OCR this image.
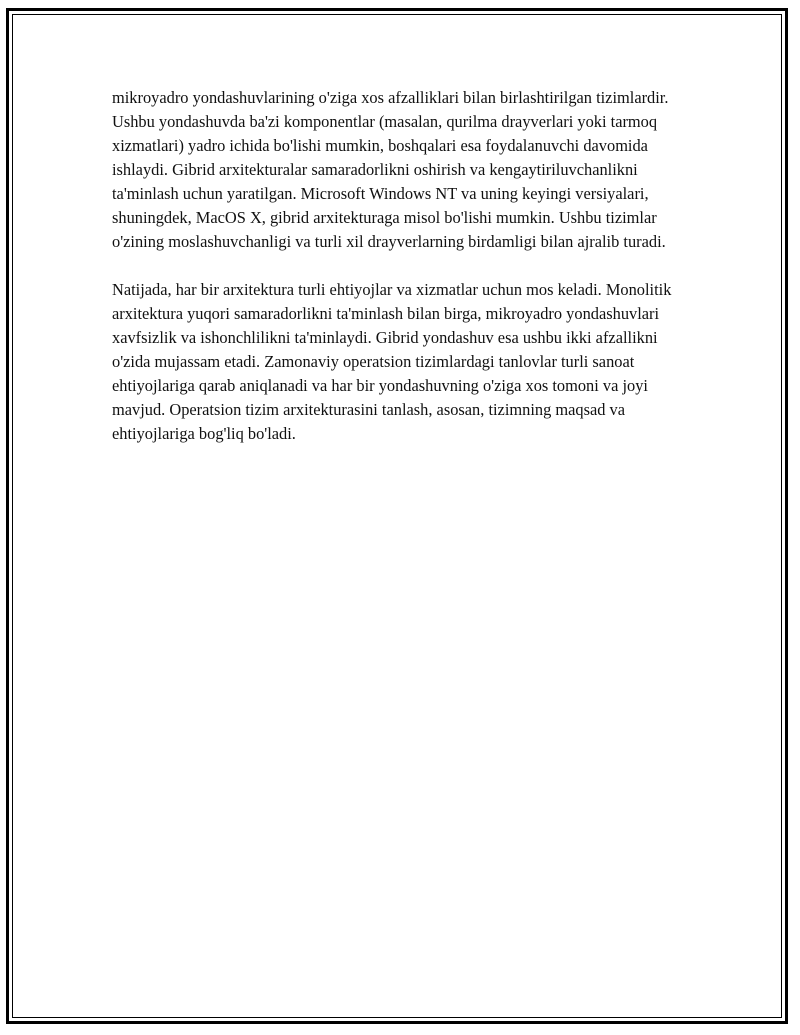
mikroyadro yondashuvlarining o'ziga xos afzalliklari bilan birlashtirilgan tizimlardir. Ushbu yondashuvda ba'zi komponentlar (masalan, qurilma drayverlari yoki tarmoq xizmatlari) yadro ichida bo'lishi mumkin, boshqalari esa foydalanuvchi davomida ishlaydi. Gibrid arxitekturalar samaradorlikni oshirish va kengaytiriluvchanlikni ta'minlash uchun yaratilgan. Microsoft Windows NT va uning keyingi versiyalari, shuningdek, MacOS X, gibrid arxitekturaga misol bo'lishi mumkin. Ushbu tizimlar o'zining moslashuvchanligi va turli xil drayverlarning birdamligi bilan ajralib turadi.

Natijada, har bir arxitektura turli ehtiyojlar va xizmatlar uchun mos keladi. Monolitik arxitektura yuqori samaradorlikni ta'minlash bilan birga, mikroyadro yondashuvlari xavfsizlik va ishonchlilikni ta'minlaydi. Gibrid yondashuv esa ushbu ikki afzallikni o'zida mujassam etadi. Zamonaviy operatsion tizimlardagi tanlovlar turli sanoat ehtiyojlariga qarab aniqlanadi va har bir yondashuvning o'ziga xos tomoni va joyi mavjud. Operatsion tizim arxitekturasini tanlash, asosan, tizimning maqsad va ehtiyojlariga bog'liq bo'ladi.
